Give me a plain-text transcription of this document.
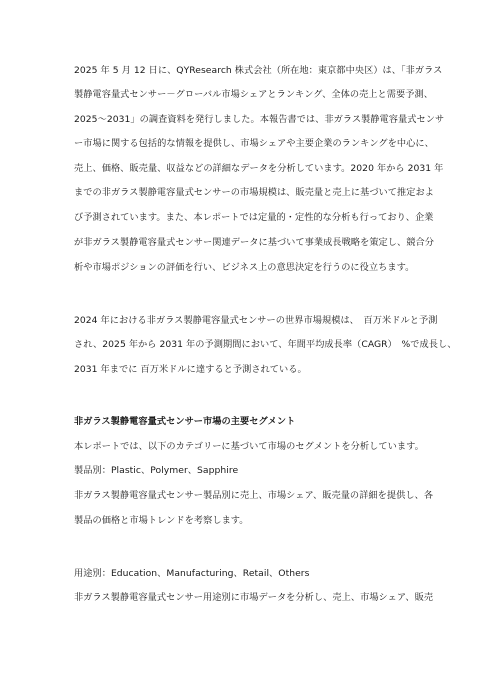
2025 年 5 月 12 日に、QYResearch 株式会社（所在地：東京都中央区）は、「非ガラス
製静電容量式センサー－グローバル市場シェアとランキング、全体の売上と需要予測、
2025～2031」の調査資料を発行しました。本報告書では、非ガラス製静電容量式センサ
ー市場に関する包括的な情報を提供し、市場シェアや主要企業のランキングを中心に、
売上、価格、販売量、収益などの詳細なデータを分析しています。2020 年から 2031 年
までの非ガラス製静電容量式センサーの市場規模は、販売量と売上に基づいて推定およ
び予測されています。また、本レポートでは定量的・定性的な分析も行っており、企業
が非ガラス製静電容量式センサー関連データに基づいて事業成長戦略を策定し、競合分
析や市場ポジションの評価を行い、ビジネス上の意思決定を行うのに役立ちます。
2024 年における非ガラス製静電容量式センサーの世界市場規模は、　百万米ドルと予測
され、2025 年から 2031 年の予測期間において、年間平均成長率（CAGR）　%で成長し、
2031 年までに 百万米ドルに達すると予測されている。
非ガラス製静電容量式センサー市場の主要セグメント
本レポートでは、以下のカテゴリーに基づいて市場のセグメントを分析しています。
製品別：Plastic、Polymer、Sapphire
非ガラス製静電容量式センサー製品別に売上、市場シェア、販売量の詳細を提供し、各
製品の価格と市場トレンドを考察します。
用途別：Education、Manufacturing、Retail、Others
非ガラス製静電容量式センサー用途別に市場データを分析し、売上、市場シェア、販売
